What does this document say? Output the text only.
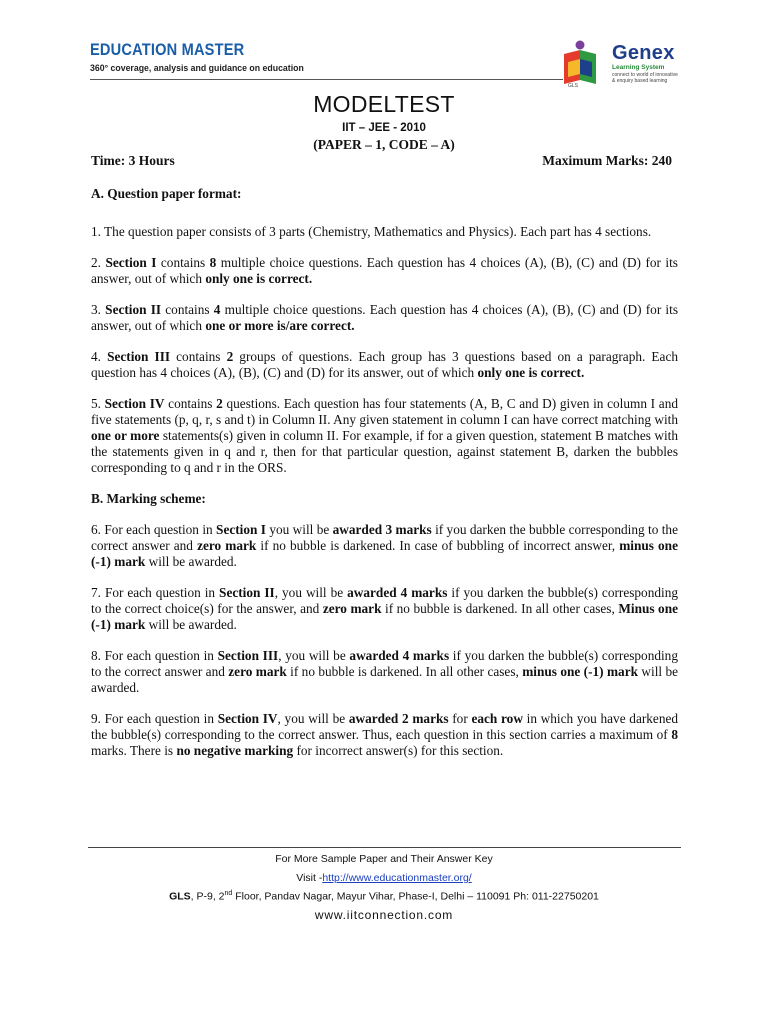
EDUCATION MASTER
360° coverage, analysis and guidance on education
Genex
Learning System
connect to world of innovative
& enquiry based learning
GLS
MODELTEST
IIT – JEE - 2010
(PAPER – 1, CODE – A)
Time: 3 Hours	Maximum Marks: 240

A. Question paper format:

1. The question paper consists of 3 parts (Chemistry, Mathematics and Physics). Each part has 4 sections.

2. Section I contains 8 multiple choice questions. Each question has 4 choices (A), (B), (C) and (D) for its answer, out of which only one is correct.

3. Section II contains 4 multiple choice questions. Each question has 4 choices (A), (B), (C) and (D) for its answer, out of which one or more is/are correct.

4. Section III contains 2 groups of questions. Each group has 3 questions based on a paragraph. Each question has 4 choices (A), (B), (C) and (D) for its answer, out of which only one is correct.

5. Section IV contains 2 questions. Each question has four statements (A, B, C and D) given in column I and five statements (p, q, r, s and t) in Column II. Any given statement in column I can have correct matching with one or more statements(s) given in column II. For example, if for a given question, statement B matches with the statements given in q and r, then for that particular question, against statement B, darken the bubbles corresponding to q and r in the ORS.

B. Marking scheme:

6. For each question in Section I you will be awarded 3 marks if you darken the bubble corresponding to the correct answer and zero mark if no bubble is darkened. In case of bubbling of incorrect answer, minus one (-1) mark will be awarded.

7. For each question in Section II, you will be awarded 4 marks if you darken the bubble(s) corresponding to the correct choice(s) for the answer, and zero mark if no bubble is darkened. In all other cases, Minus one (-1) mark will be awarded.

8. For each question in Section III, you will be awarded 4 marks if you darken the bubble(s) corresponding to the correct answer and zero mark if no bubble is darkened. In all other cases, minus one (-1) mark will be awarded.

9. For each question in Section IV, you will be awarded 2 marks for each row in which you have darkened the bubble(s) corresponding to the correct answer. Thus, each question in this section carries a maximum of 8 marks. There is no negative marking for incorrect answer(s) for this section.

For More Sample Paper and Their Answer Key
Visit -http://www.educationmaster.org/
GLS, P-9, 2nd Floor, Pandav Nagar, Mayur Vihar, Phase-I, Delhi – 110091 Ph: 011-22750201
www.iitconnection.com
